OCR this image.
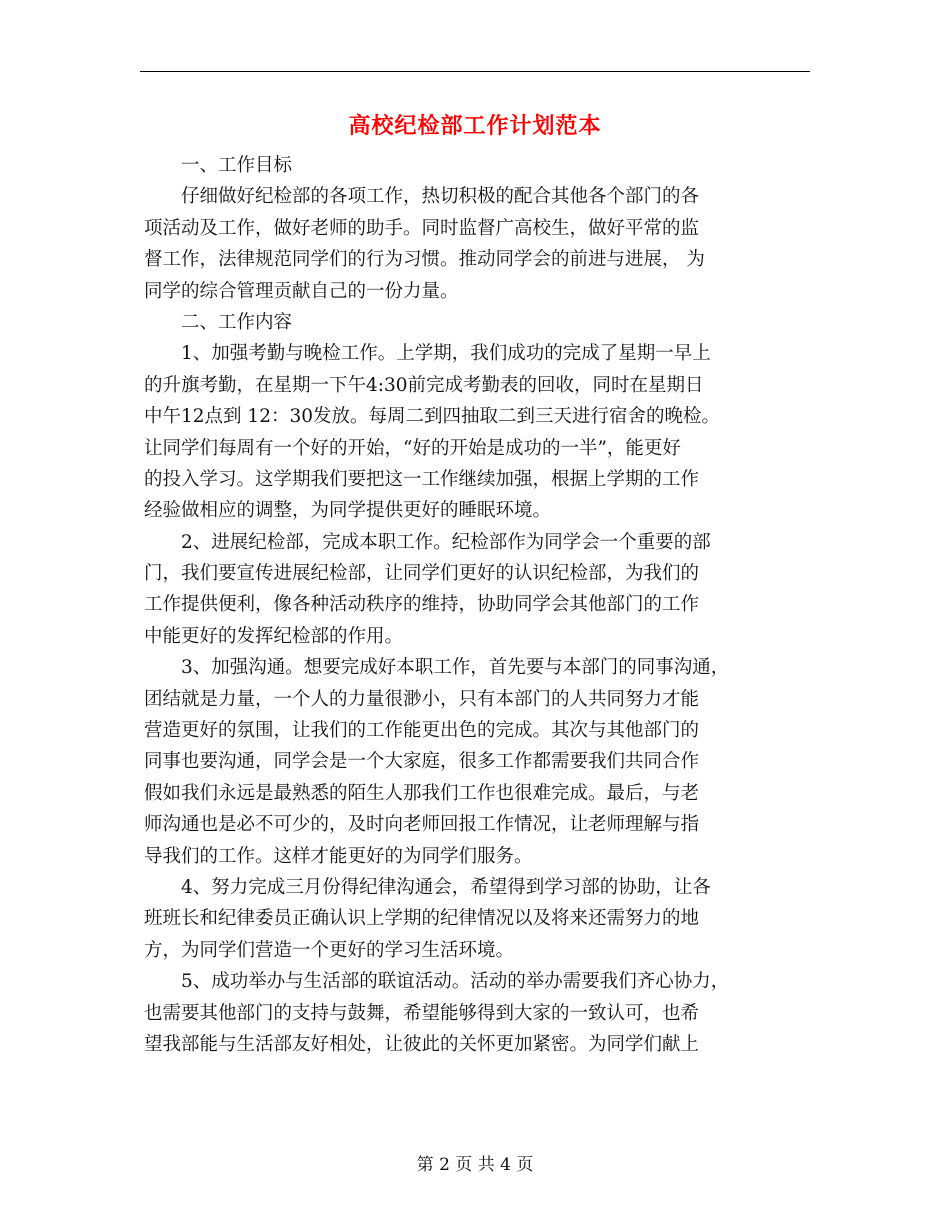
高校纪检部工作计划范本
一、工作目标
仔细做好纪检部的各项工作，热切积极的配合其他各个部门的各
项活动及工作，做好老师的助手。同时监督广高校生，做好平常的监
督工作，法律规范同学们的行为习惯。推动同学会的前进与进展， 为
同学的综合管理贡献自己的一份力量。
二、工作内容
1、加强考勤与晚检工作。上学期，我们成功的完成了星期一早上
的升旗考勤，在星期一下午4:30前完成考勤表的回收，同时在星期日
中午12点到 12：30发放。每周二到四抽取二到三天进行宿舍的晚检。
让同学们每周有一个好的开始，“好的开始是成功的一半”，能更好
的投入学习。这学期我们要把这一工作继续加强，根据上学期的工作
经验做相应的调整，为同学提供更好的睡眠环境。
2、进展纪检部，完成本职工作。纪检部作为同学会一个重要的部
门，我们要宣传进展纪检部，让同学们更好的认识纪检部，为我们的
工作提供便利，像各种活动秩序的维持，协助同学会其他部门的工作
中能更好的发挥纪检部的作用。
3、加强沟通。想要完成好本职工作，首先要与本部门的同事沟通，
团结就是力量，一个人的力量很渺小，只有本部门的人共同努力才能
营造更好的氛围，让我们的工作能更出色的完成。其次与其他部门的
同事也要沟通，同学会是一个大家庭，很多工作都需要我们共同合作
假如我们永远是最熟悉的陌生人那我们工作也很难完成。最后，与老
师沟通也是必不可少的，及时向老师回报工作情况，让老师理解与指
导我们的工作。这样才能更好的为同学们服务。
4、努力完成三月份得纪律沟通会，希望得到学习部的协助，让各
班班长和纪律委员正确认识上学期的纪律情况以及将来还需努力的地
方，为同学们营造一个更好的学习生活环境。
5、成功举办与生活部的联谊活动。活动的举办需要我们齐心协力，
也需要其他部门的支持与鼓舞，希望能够得到大家的一致认可，也希
望我部能与生活部友好相处，让彼此的关怀更加紧密。为同学们献上
第 2 页 共 4 页
